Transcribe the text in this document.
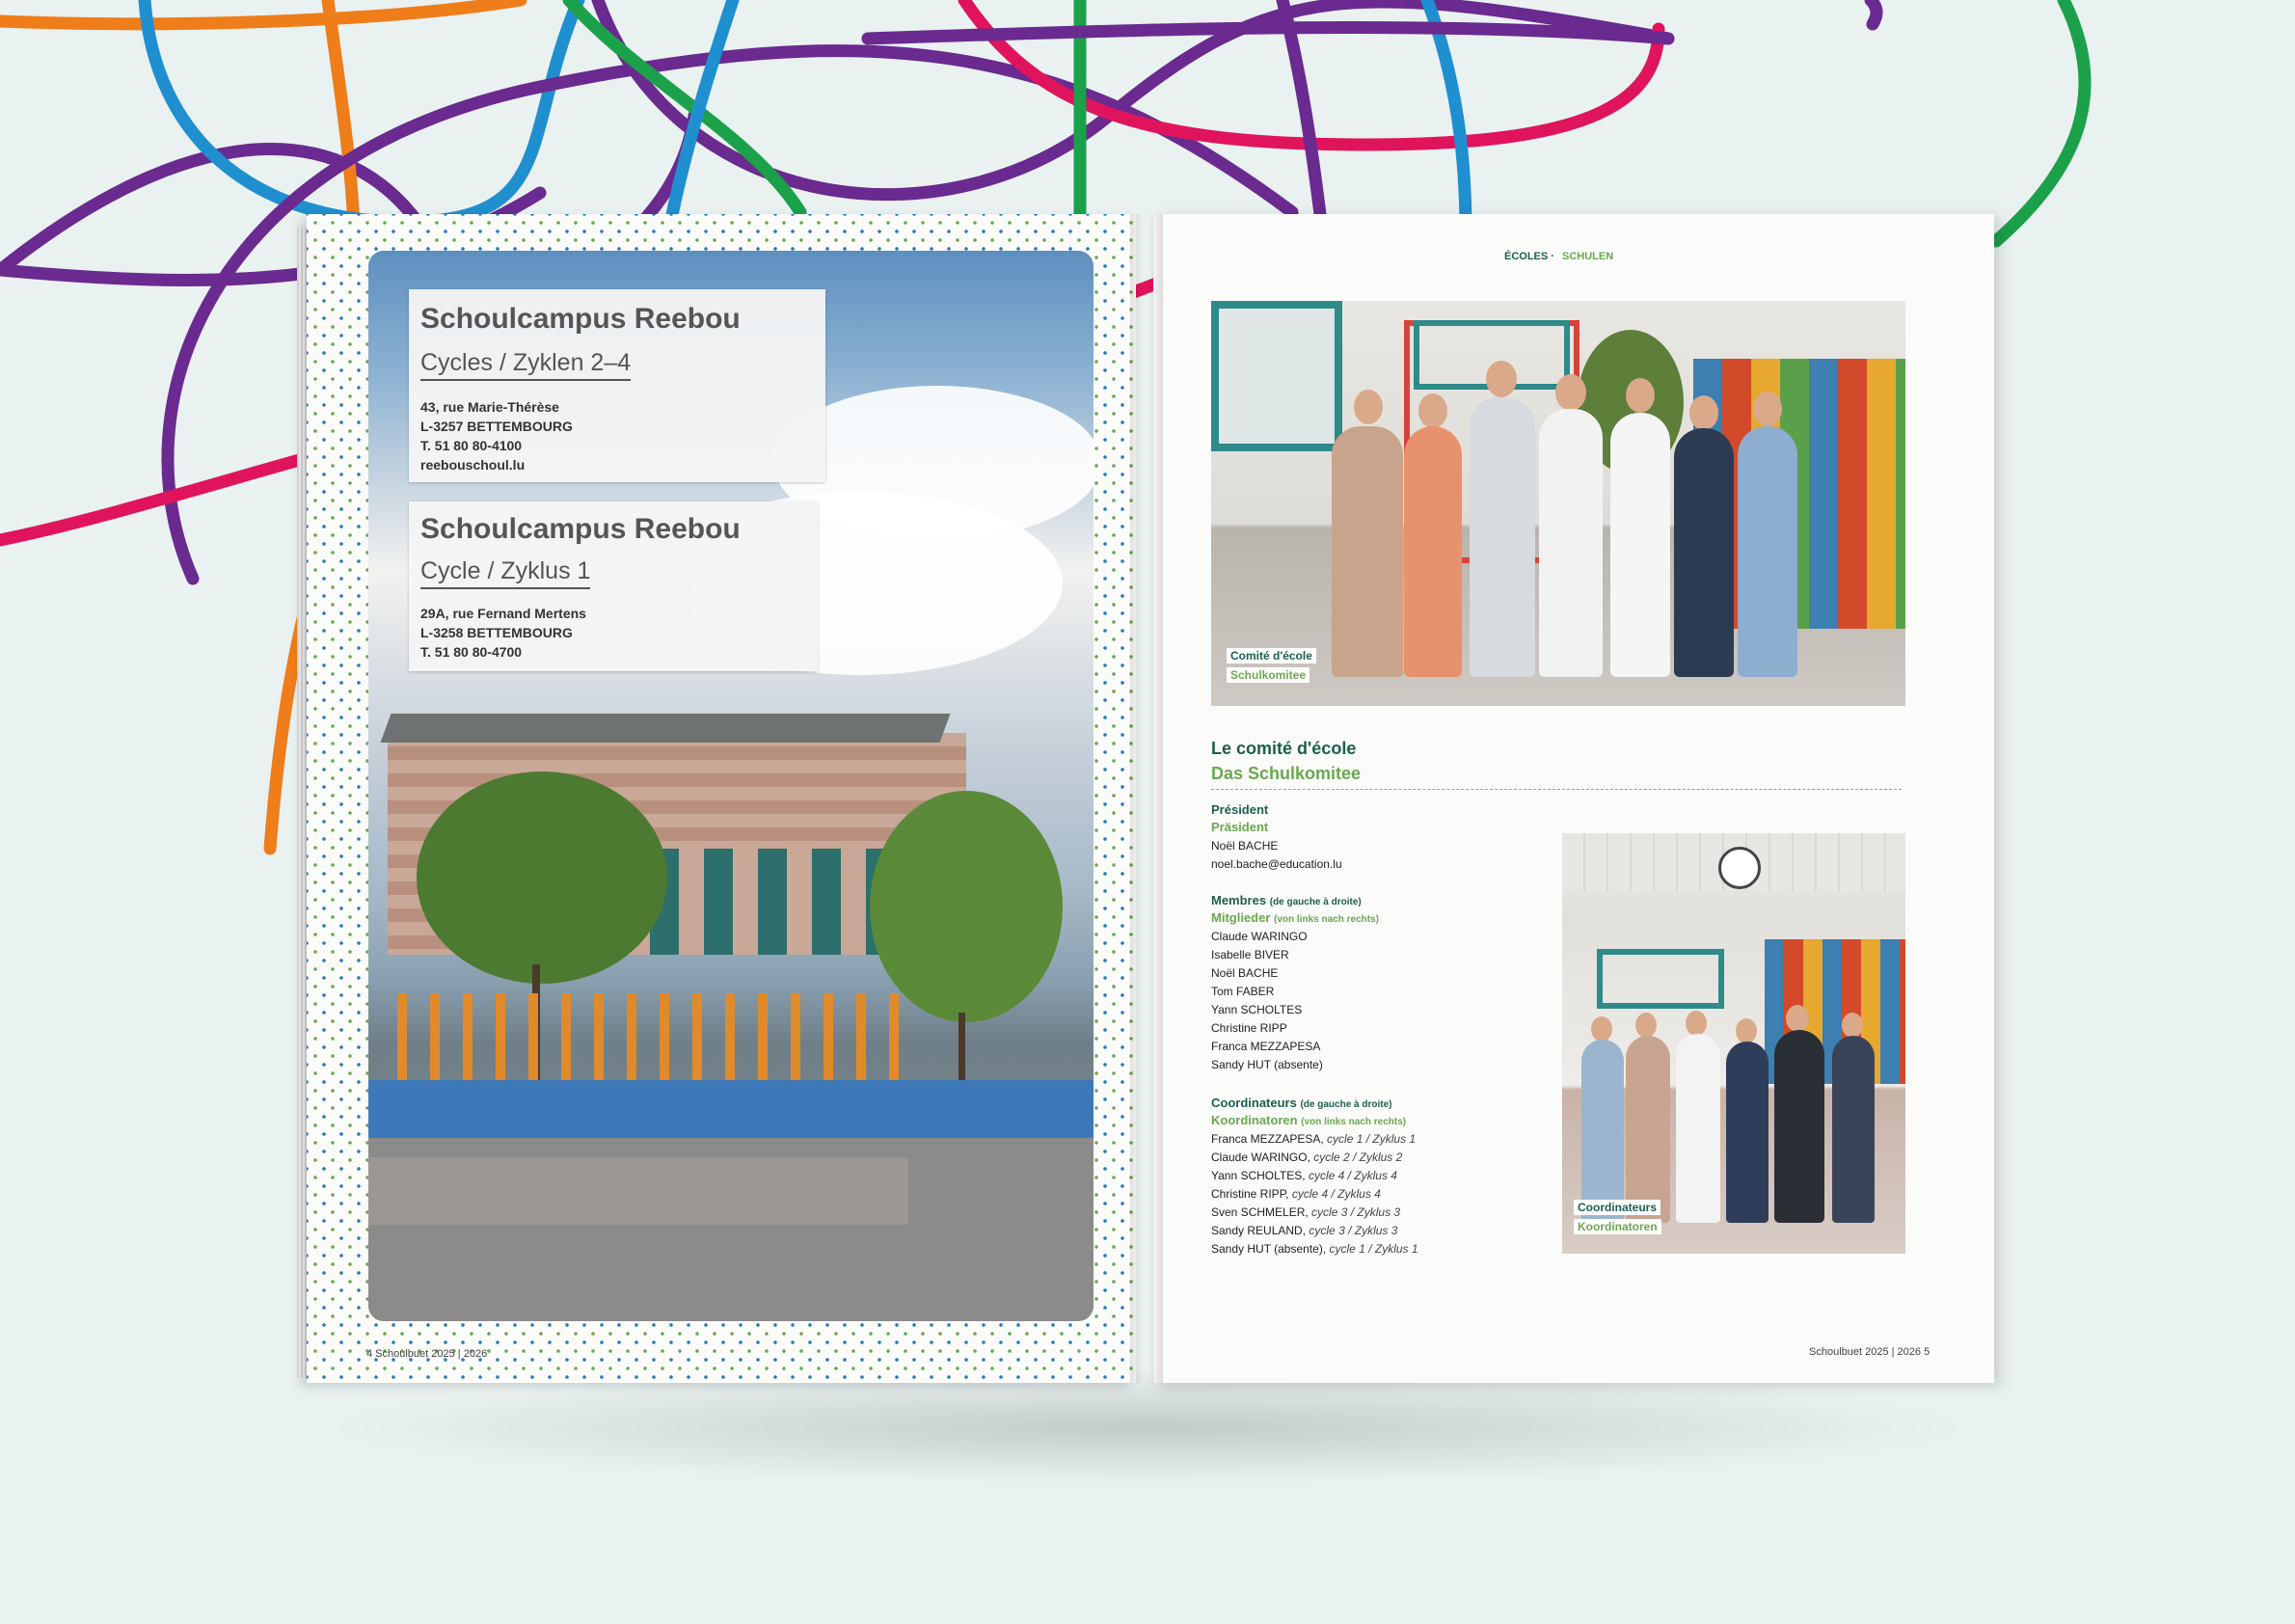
Schoulcampus Reebou
Cycles / Zyklen 2–4
43, rue Marie-Thérèse
L-3257 BETTEMBOURG
T. 51 80 80-4100
reebouschoul.lu
Schoulcampus Reebou
Cycle / Zyklus 1
29A, rue Fernand Mertens
L-3258 BETTEMBOURG
T. 51 80 80-4700
4 Schoulbuet 2025 | 2026
ÉCOLES · SCHULEN
Comité d'école
Schulkomitee
Le comité d'école
Das Schulkomitee
Président
Präsident
Noël BACHE
noel.bache@education.lu
Membres (de gauche à droite)
Mitglieder (von links nach rechts)
Claude WARINGO
Isabelle BIVER
Noël BACHE
Tom FABER
Yann SCHOLTES
Christine RIPP
Franca MEZZAPESA
Sandy HUT (absente)
Coordinateurs (de gauche à droite)
Koordinatoren (von links nach rechts)
Franca MEZZAPESA, cycle 1 / Zyklus 1
Claude WARINGO, cycle 2 / Zyklus 2
Yann SCHOLTES, cycle 4 / Zyklus 4
Christine RIPP, cycle 4 / Zyklus 4
Sven SCHMELER, cycle 3 / Zyklus 3
Sandy REULAND, cycle 3 / Zyklus 3
Sandy HUT (absente), cycle 1 / Zyklus 1
Coordinateurs
Koordinatoren
Schoulbuet 2025 | 2026 5
